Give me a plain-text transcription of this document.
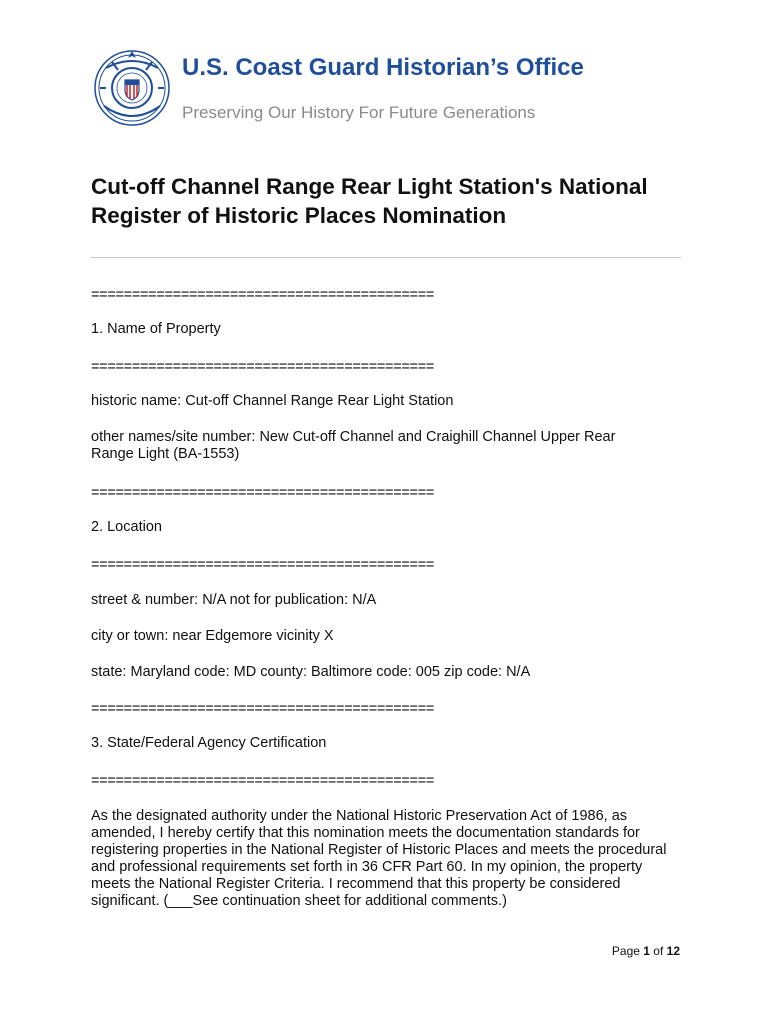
U.S. Coast Guard Historian’s Office
Preserving Our History For Future Generations
Cut-off Channel Range Rear Light Station's National Register of Historic Places Nomination
==========================================
1. Name of Property
==========================================
historic name: Cut-off Channel Range Rear Light Station
other names/site number: New Cut-off Channel and Craighill Channel Upper Rear Range Light (BA-1553)
==========================================
2. Location
==========================================
street & number: N/A not for publication: N/A
city or town: near Edgemore vicinity X
state: Maryland code: MD county: Baltimore code: 005 zip code: N/A
==========================================
3. State/Federal Agency Certification
==========================================
As the designated authority under the National Historic Preservation Act of 1986, as amended, I hereby certify that this nomination meets the documentation standards for registering properties in the National Register of Historic Places and meets the procedural and professional requirements set forth in 36 CFR Part 60. In my opinion, the property meets the National Register Criteria. I recommend that this property be considered significant. (___See continuation sheet for additional comments.)
Page 1 of 12
